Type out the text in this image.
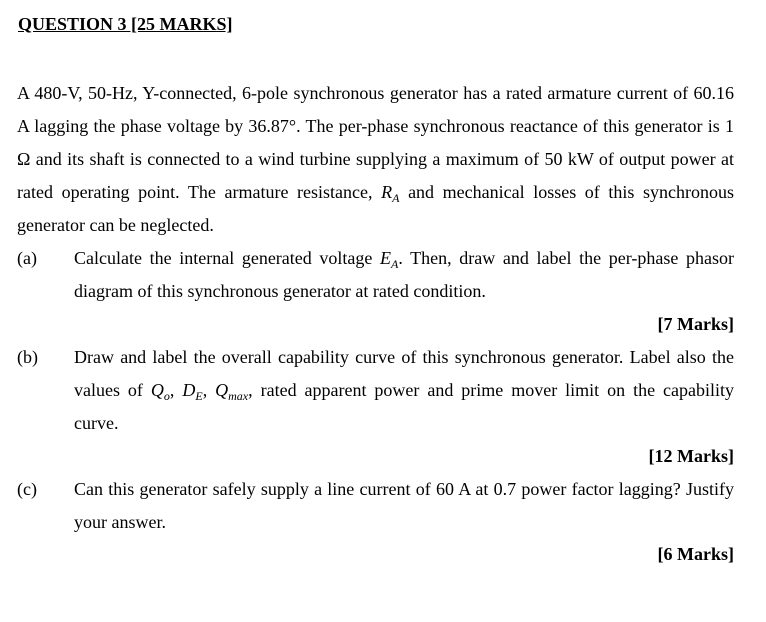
QUESTION 3 [25 MARKS]
A 480-V, 50-Hz, Y-connected, 6-pole synchronous generator has a rated armature current of 60.16 A lagging the phase voltage by 36.87°. The per-phase synchronous reactance of this generator is 1 Ω and its shaft is connected to a wind turbine supplying a maximum of 50 kW of output power at rated operating point. The armature resistance, $R_A$ and mechanical losses of this synchronous generator can be neglected.
(a) Calculate the internal generated voltage $E_A$. Then, draw and label the per-phase phasor diagram of this synchronous generator at rated condition.
[7 Marks]
(b) Draw and label the overall capability curve of this synchronous generator. Label also the values of $Q_o$, $D_E$, $Q_{max}$, rated apparent power and prime mover limit on the capability curve.
[12 Marks]
(c) Can this generator safely supply a line current of 60 A at 0.7 power factor lagging? Justify your answer.
[6 Marks]
